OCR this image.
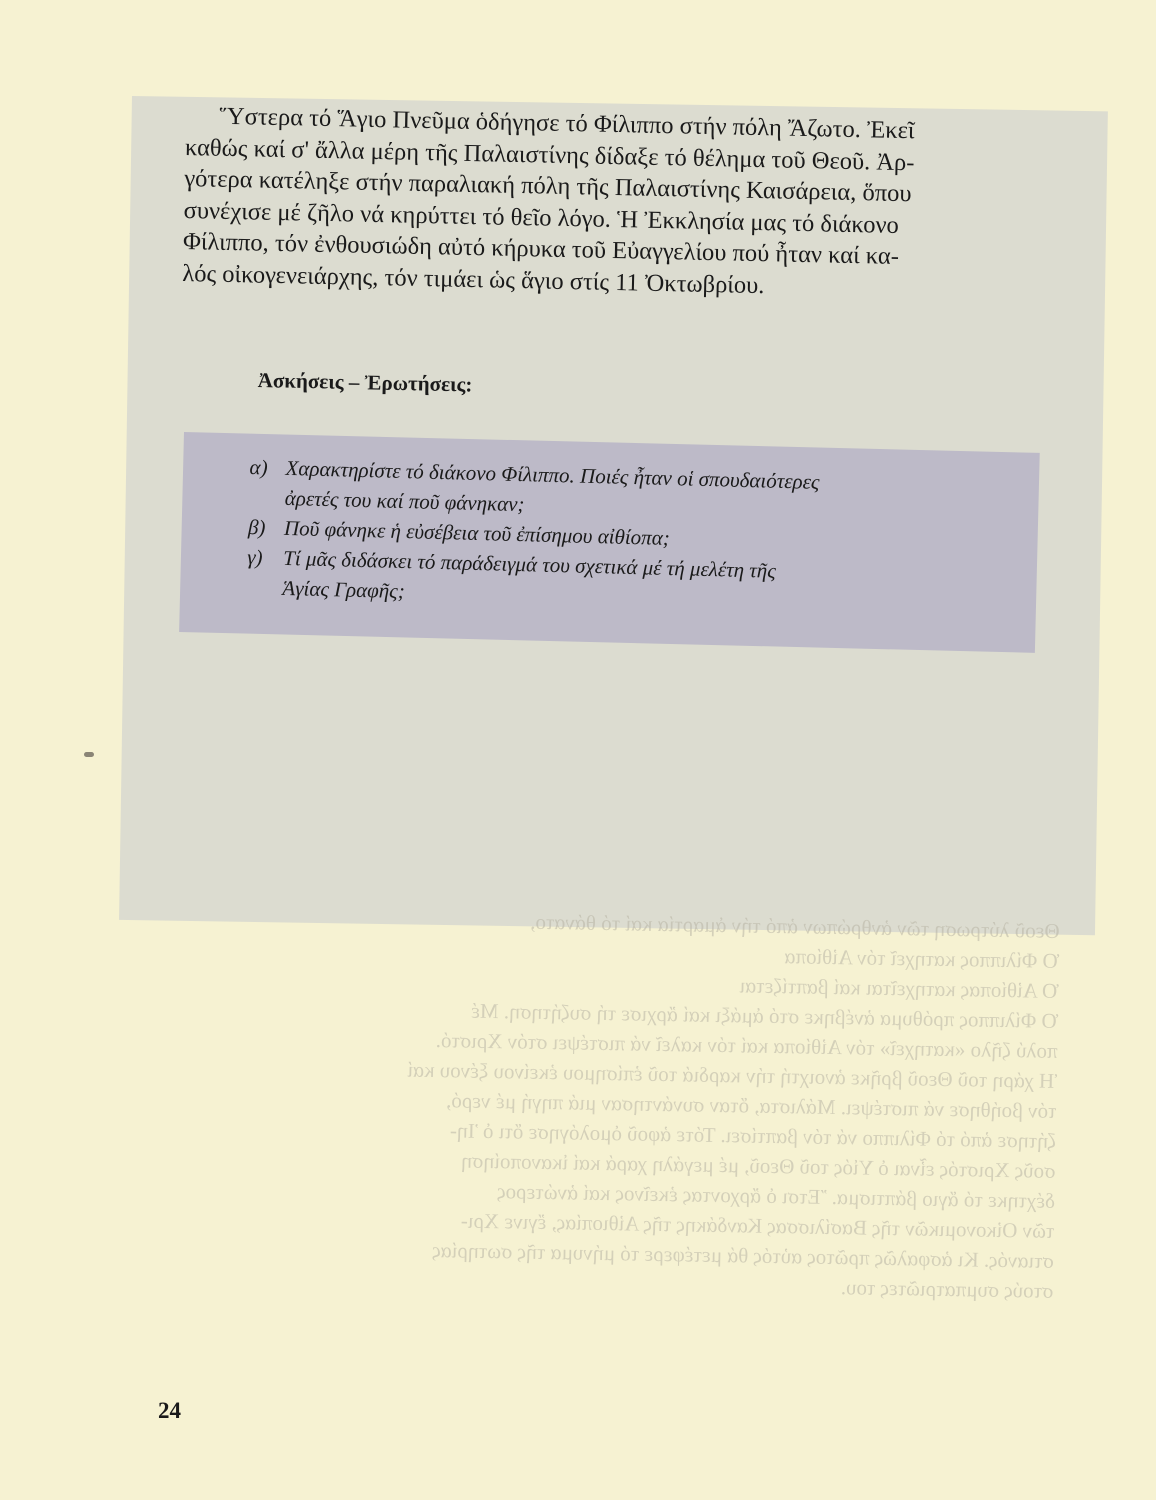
Θεοῦ λύτρωση τῶν ἀνθρώπων ἀπό τήν ἁμαρτία καί τό θάνατο,
Ὁ Φίλιππος κατηχεῖ τόν Αἰθίοπα
Ὁ Αἰθίοπας κατηχεῖται καί βαπτίζεται
Ὁ Φίλιππος πρόθυμα ἀνέβηκε στό ἁμάξι καί ἄρχισε τή συζήτηση. Μέ
πολύ ζῆλο «κατηχεῖ» τόν Αἰθίοπα καί τόν καλεῖ νά πιστέψει στόν Χριστό.
Ἡ χάρη τοῦ Θεοῦ βρῆκε ἀνοιχτή τήν καρδιά τοῦ ἐπίσημου ἐκείνου ξένου καί
τόν βοήθησε νά πιστέψει. Μάλιστα, ὅταν συνάντησαν μιά πηγή μέ νερό,
ζήτησε ἀπό τό Φίλιππο νά τόν βαπτίσει. Τότε ἀφοῦ ὁμολόγησε ὅτι ὁ Ἰη-
σοῦς Χριστός εἶναι ὁ Υἱός τοῦ Θεοῦ, μέ μεγάλη χαρά καί ἱκανοποίηση
δέχτηκε τό ἅγιο βάπτισμα. Ἔτσι ὁ ἄρχοντας ἐκεῖνος καί ἀνώτερος
τῶν Οἰκονομικῶν τῆς Βασίλισσας Κανδάκης τῆς Αἰθιοπίας, ἔγινε Χρι-
στιανός. Κι ἀσφαλῶς πρῶτος αὐτός θά μετέφερε τό μήνυμα τῆς σωτηρίας
στούς συμπατριῶτες του.

Ὕστερα τό Ἅγιο Πνεῦμα ὁδήγησε τό Φίλιππο στήν πόλη Ἄζωτο. Ἐκεῖ
καθώς καί σ' ἄλλα μέρη τῆς Παλαιστίνης δίδαξε τό θέλημα τοῦ Θεοῦ. Ἀρ-
γότερα κατέληξε στήν παραλιακή πόλη τῆς Παλαιστίνης Καισάρεια, ὅπου
συνέχισε μέ ζῆλο νά κηρύττει τό θεῖο λόγο. Ἡ Ἐκκλησία μας τό διάκονο
Φίλιππο, τόν ἐνθουσιώδη αὐτό κήρυκα τοῦ Εὐαγγελίου πού ἦταν καί κα-
λός οἰκογενειάρχης, τόν τιμάει ὡς ἅγιο στίς 11 Ὀκτωβρίου.

Ἀσκήσεις – Ἐρωτήσεις:
α) Χαρακτηρίστε τό διάκονο Φίλιππο. Ποιές ἦταν οἱ σπουδαιότερες
ἀρετές του καί ποῦ φάνηκαν;
β) Ποῦ φάνηκε ἡ εὐσέβεια τοῦ ἐπίσημου αἰθίοπα;
γ) Τί μᾶς διδάσκει τό παράδειγμά του σχετικά μέ τή μελέτη τῆς
Ἁγίας Γραφῆς;
24
